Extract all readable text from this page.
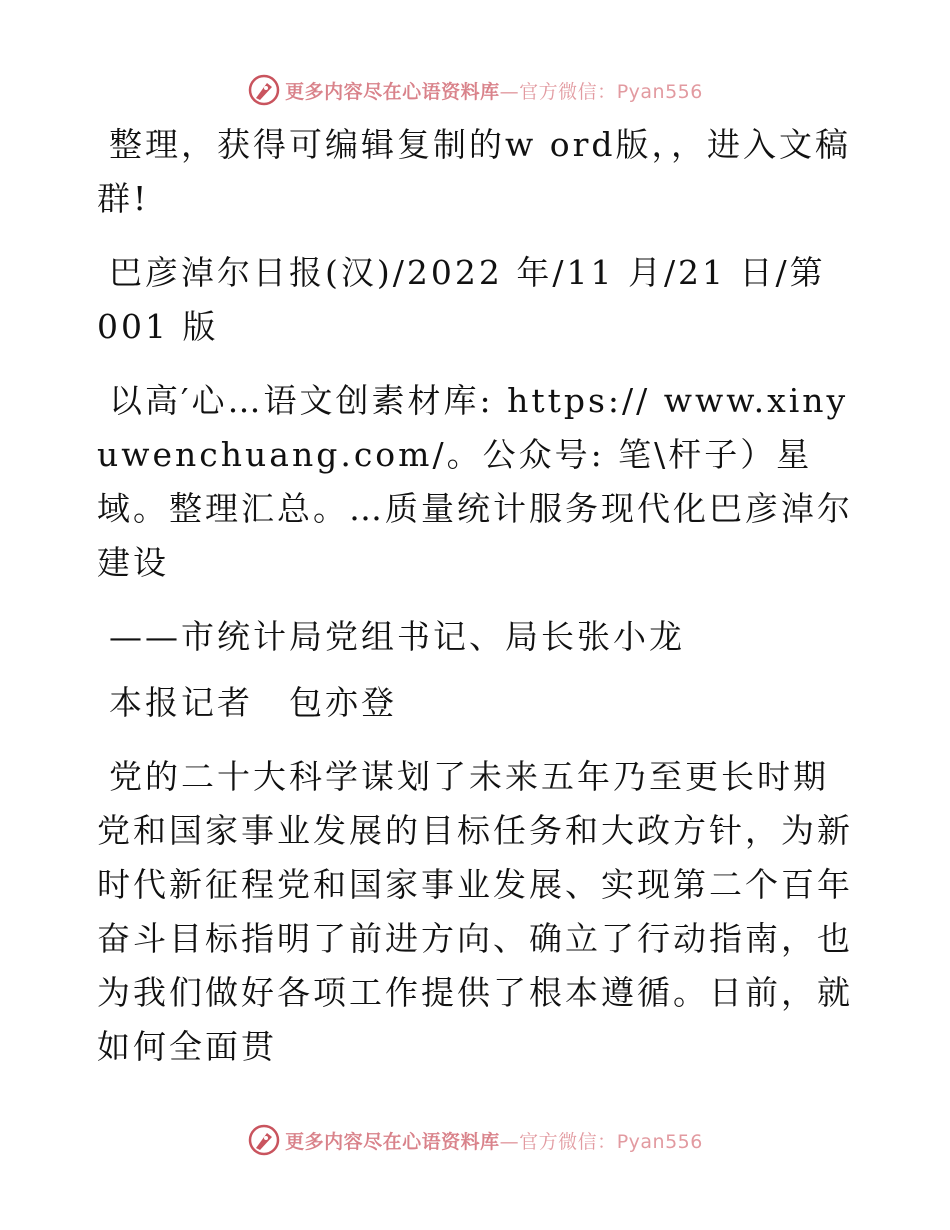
更多内容尽在心语资料库—官方微信：Pyan556

整理，获得可编辑复制的w ord版，，进入文稿群!

巴彦淖尔日报(汉)/2022 年/11 月/21 日/第 001 版

以高′心…语文创素材库: https:// www.xinyuwenchuang.com/。公众号: 笔\杆子）星域。整理汇总。…质量统计服务现代化巴彦淖尔建设

——市统计局党组书记、局长张小龙

本报记者　包亦登

党的二十大科学谋划了未来五年乃至更长时期党和国家事业发展的目标任务和大政方针，为新时代新征程党和国家事业发展、实现第二个百年奋斗目标指明了前进方向、确立了行动指南，也为我们做好各项工作提供了根本遵循。日前，就如何全面贯

更多内容尽在心语资料库—官方微信：Pyan556
